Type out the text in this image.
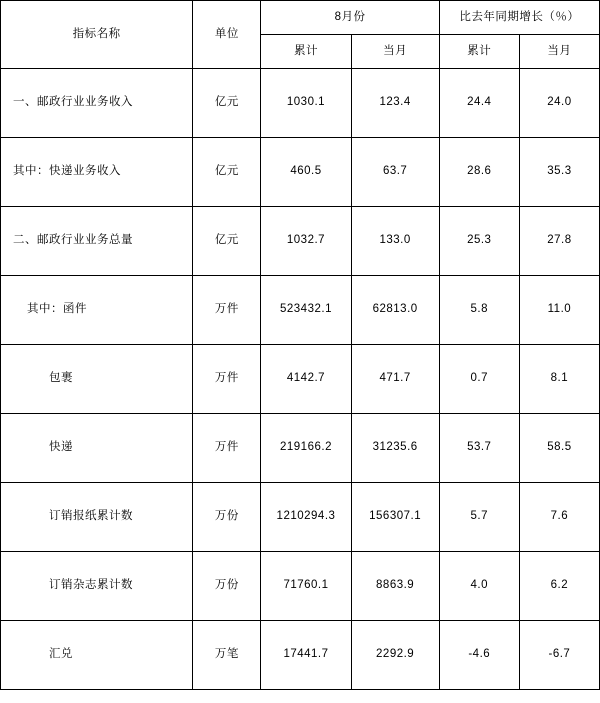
指标名称	单位	8月份		比去年同期增长（％）	
		累计	当月	累计	当月

一、邮政行业业务收入	亿元	1030.1	123.4	24.4	24.0

其中：快递业务收入	亿元	460.5	63.7	28.6	35.3

二、邮政行业业务总量	亿元	1032.7	133.0	25.3	27.8

其中：函件	万件	523432.1	62813.0	5.8	11.0

包裹	万件	4142.7	471.7	0.7	8.1

快递	万件	219166.2	31235.6	53.7	58.5

订销报纸累计数	万份	1210294.3	156307.1	5.7	7.6

订销杂志累计数	万份	71760.1	8863.9	4.0	6.2

汇兑	万笔	17441.7	2292.9	-4.6	-6.7
